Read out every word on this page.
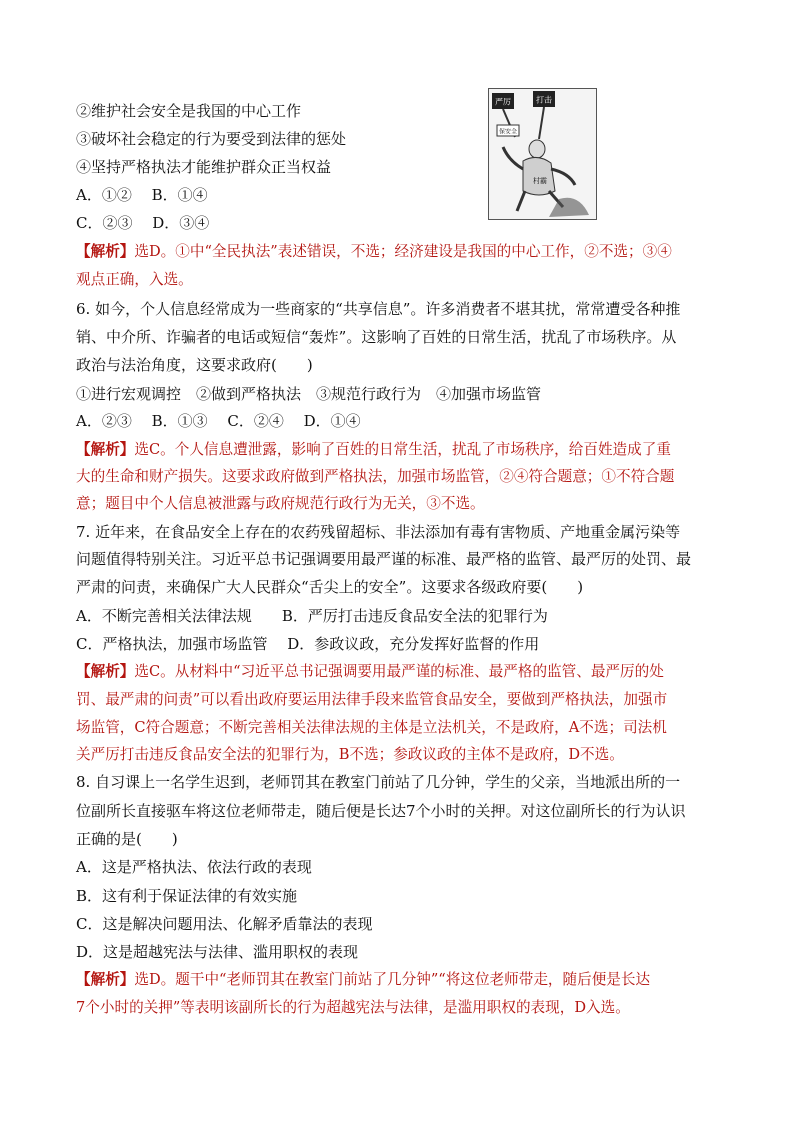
②维护社会安全是我国的中心工作
③破坏社会稳定的行为要受到法律的惩处
④坚持严格执法才能维护群众正当权益
A．①②　 B．①④
C．②③　 D．③④
【解析】选D。①中“全民执法”表述错误，不选；经济建设是我国的中心工作，②不选；③④
观点正确，入选。
严厉	打击
保安全
村霸
6. 如今，个人信息经常成为一些商家的“共享信息”。许多消费者不堪其扰，常常遭受各种推
销、中介所、诈骗者的电话或短信“轰炸”。这影响了百姓的日常生活，扰乱了市场秩序。从
政治与法治角度，这要求政府(　　)
①进行宏观调控　②做到严格执法　③规范行政行为　④加强市场监管
A．②③　 B．①③　 C．②④　 D．①④
【解析】选C。个人信息遭泄露，影响了百姓的日常生活，扰乱了市场秩序，给百姓造成了重
大的生命和财产损失。这要求政府做到严格执法，加强市场监管，②④符合题意；①不符合题
意；题目中个人信息被泄露与政府规范行政行为无关，③不选。
7. 近年来，在食品安全上存在的农药残留超标、非法添加有毒有害物质、产地重金属污染等
问题值得特别关注。习近平总书记强调要用最严谨的标准、最严格的监管、最严厉的处罚、最
严肃的问责，来确保广大人民群众“舌尖上的安全”。这要求各级政府要(　　)
A．不断完善相关法律法规　　B．严厉打击违反食品安全法的犯罪行为
C．严格执法，加强市场监管　 D．参政议政，充分发挥好监督的作用
【解析】选C。从材料中“习近平总书记强调要用最严谨的标准、最严格的监管、最严厉的处
罚、最严肃的问责”可以看出政府要运用法律手段来监管食品安全，要做到严格执法，加强市
场监管，C符合题意；不断完善相关法律法规的主体是立法机关，不是政府，A不选；司法机
关严厉打击违反食品安全法的犯罪行为，B不选；参政议政的主体不是政府，D不选。
8. 自习课上一名学生迟到，老师罚其在教室门前站了几分钟，学生的父亲，当地派出所的一
位副所长直接驱车将这位老师带走，随后便是长达7个小时的关押。对这位副所长的行为认识
正确的是(　　)
A．这是严格执法、依法行政的表现
B．这有利于保证法律的有效实施
C．这是解决问题用法、化解矛盾靠法的表现
D．这是超越宪法与法律、滥用职权的表现
【解析】选D。题干中“老师罚其在教室门前站了几分钟”“将这位老师带走，随后便是长达
7个小时的关押”等表明该副所长的行为超越宪法与法律，是滥用职权的表现，D入选。
